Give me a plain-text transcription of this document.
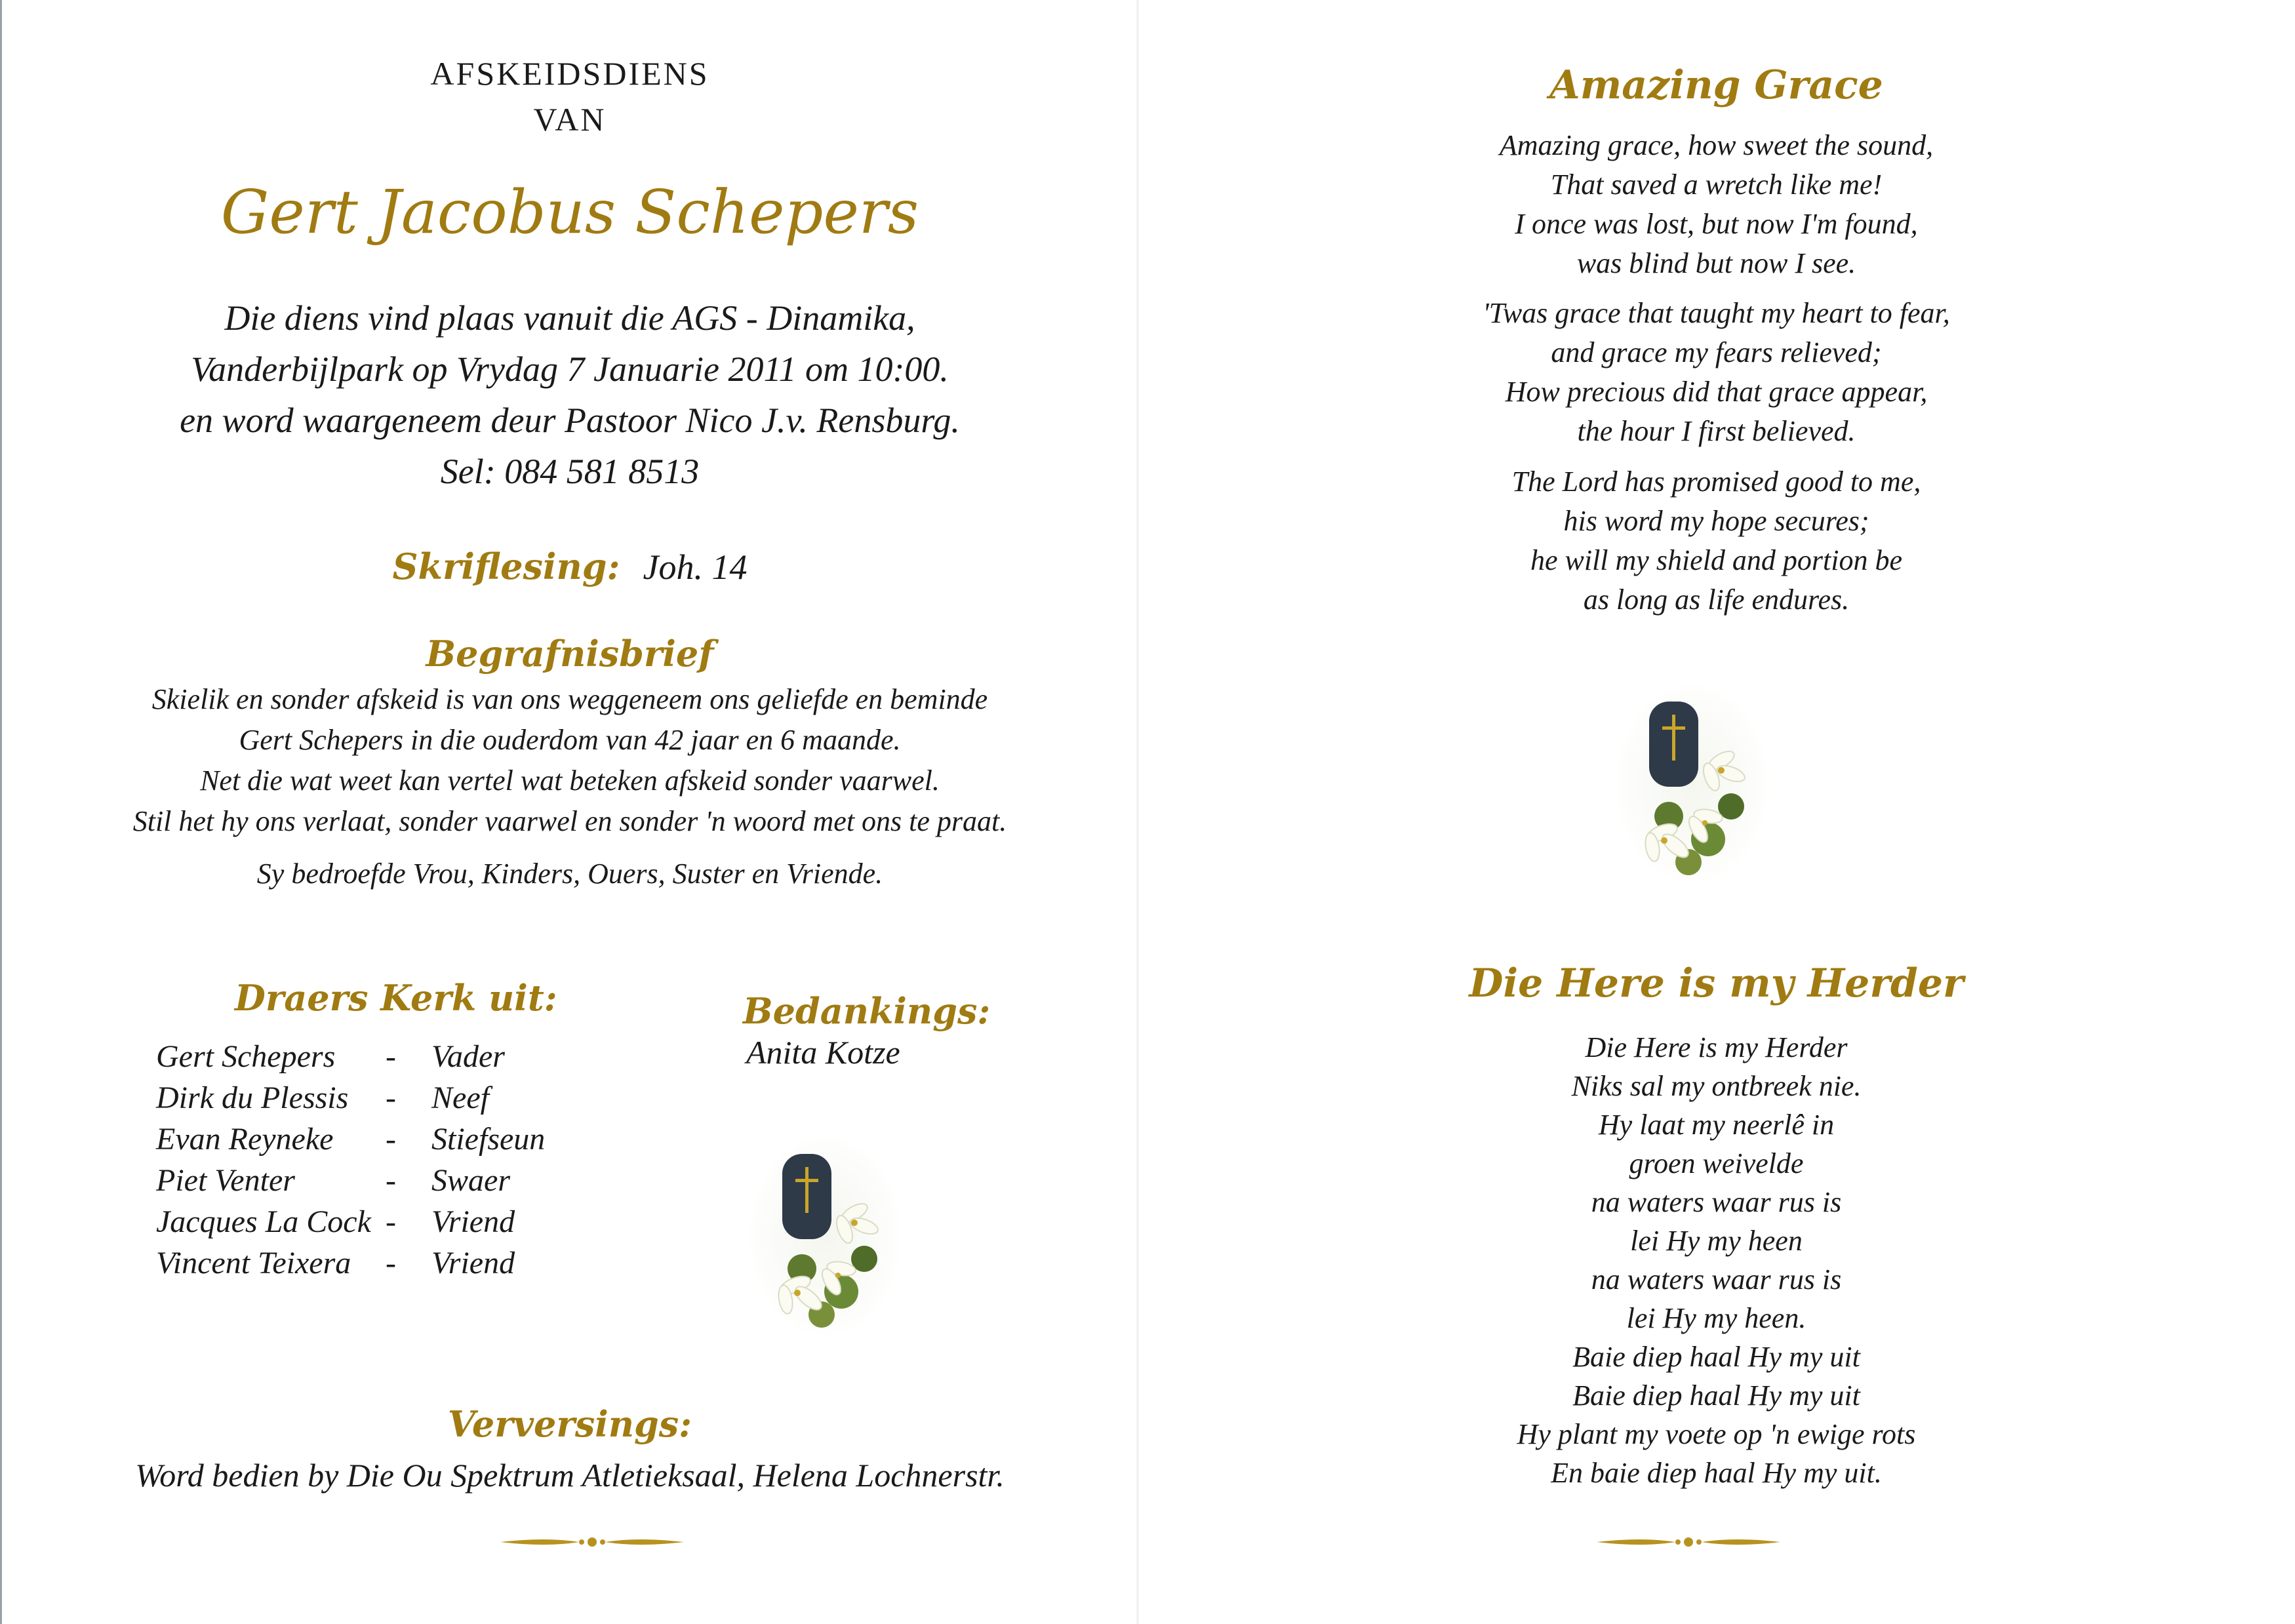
AFSKEIDSDIENS
VAN
Gert Jacobus Schepers
Die diens vind plaas vanuit die AGS - Dinamika,
Vanderbijlpark op Vrydag 7 Januarie 2011 om 10:00.
en word waargeneem deur Pastoor Nico J.v. Rensburg.
Sel: 084 581 8513
Skriflesing: Joh. 14
Begrafnisbrief
Skielik en sonder afskeid is van ons weggeneem ons geliefde en beminde
Gert Schepers in die ouderdom van 42 jaar en 6 maande.
Net die wat weet kan vertel wat beteken afskeid sonder vaarwel.
Stil het hy ons verlaat, sonder vaarwel en sonder 'n woord met ons te praat.
Sy bedroefde Vrou, Kinders, Ouers, Suster en Vriende.
Draers Kerk uit:
Gert Schepers - Vader
Dirk du Plessis - Neef
Evan Reyneke - Stiefseun
Piet Venter	- Swaer
Jacques La Cock - Vriend
Vincent Teixera - Vriend
Bedankings:
Anita Kotze
Verversings:
Word bedien by Die Ou Spektrum Atletieksaal, Helena Lochnerstr.
Amazing Grace
Amazing grace, how sweet the sound,
That saved a wretch like me!
I once was lost, but now I'm found,
was blind but now I see.
'Twas grace that taught my heart to fear,
and grace my fears relieved;
How precious did that grace appear,
the hour I first believed.
The Lord has promised good to me,
his word my hope secures;
he will my shield and portion be
as long as life endures.
Die Here is my Herder
Die Here is my Herder
Niks sal my ontbreek nie.
Hy laat my neerlê in
groen weivelde
na waters waar rus is
lei Hy my heen
na waters waar rus is
lei Hy my heen.
Baie diep haal Hy my uit
Baie diep haal Hy my uit
Hy plant my voete op 'n ewige rots
En baie diep haal Hy my uit.
